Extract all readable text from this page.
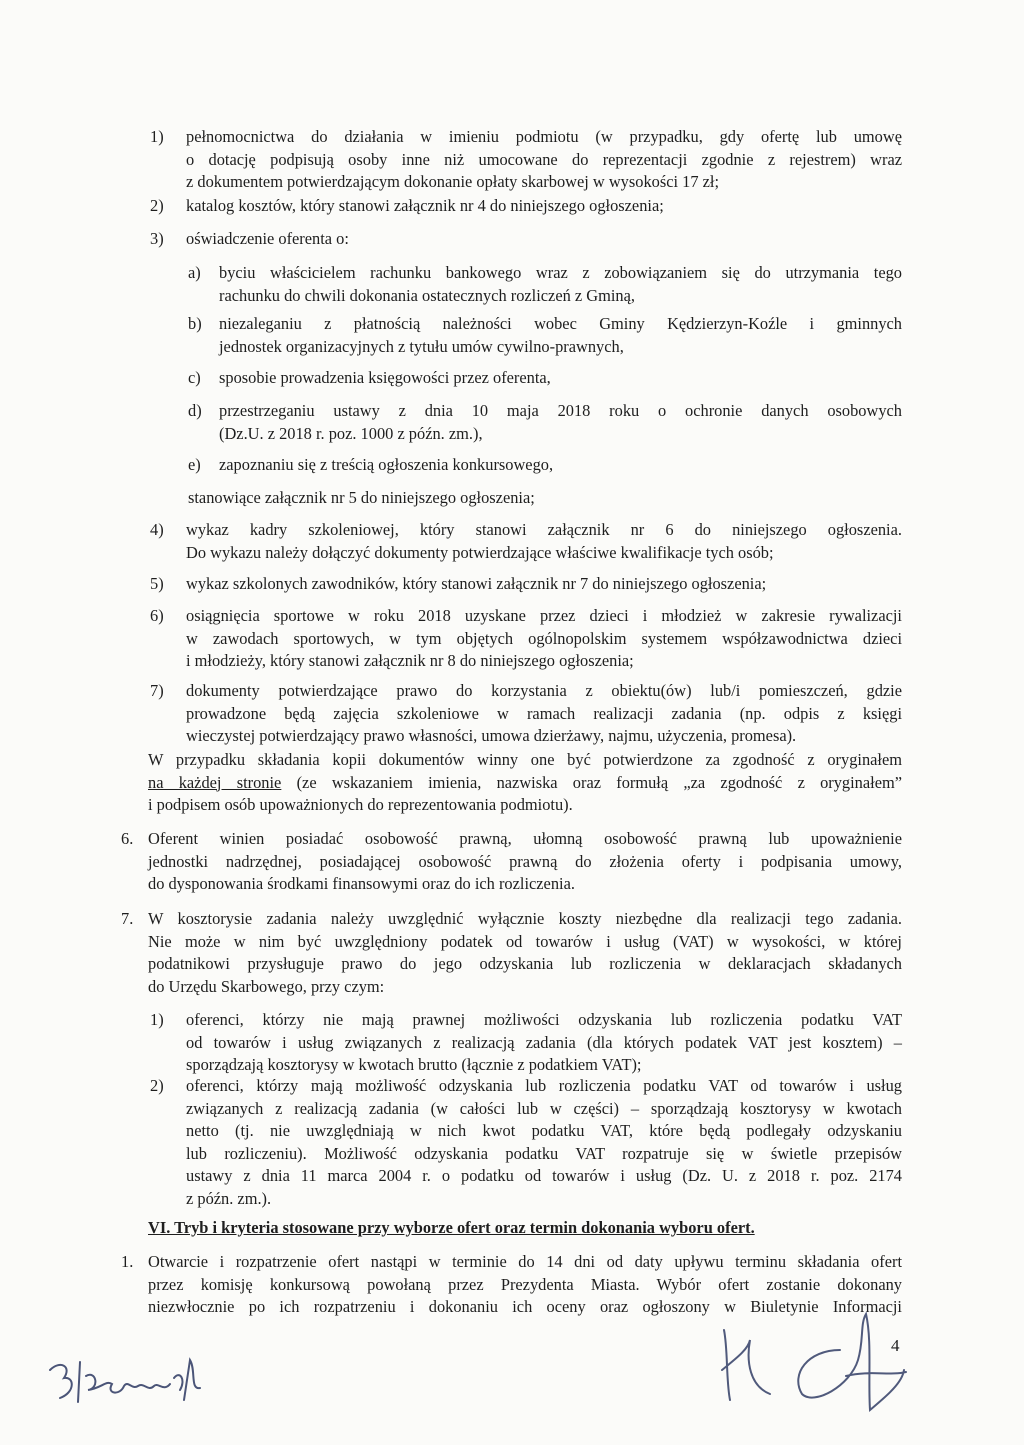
1) pełnomocnictwa do działania w imieniu podmiotu (w przypadku, gdy ofertę lub umowę
o dotację podpisują osoby inne niż umocowane do reprezentacji zgodnie z rejestrem) wraz
z dokumentem potwierdzającym dokonanie opłaty skarbowej w wysokości 17 zł;
2) katalog kosztów, który stanowi załącznik nr 4 do niniejszego ogłoszenia;
3) oświadczenie oferenta o:
a) byciu właścicielem rachunku bankowego wraz z zobowiązaniem się do utrzymania tego
rachunku do chwili dokonania ostatecznych rozliczeń z Gminą,
b) niezaleganiu z płatnością należności wobec Gminy Kędzierzyn-Koźle i gminnych
jednostek organizacyjnych z tytułu umów cywilno-prawnych,
c) sposobie prowadzenia księgowości przez oferenta,
d) przestrzeganiu ustawy z dnia 10 maja 2018 roku o ochronie danych osobowych
(Dz.U. z 2018 r. poz. 1000 z późn. zm.),
e) zapoznaniu się z treścią ogłoszenia konkursowego,
stanowiące załącznik nr 5 do niniejszego ogłoszenia;
4) wykaz kadry szkoleniowej, który stanowi załącznik nr 6 do niniejszego ogłoszenia.
Do wykazu należy dołączyć dokumenty potwierdzające właściwe kwalifikacje tych osób;
5) wykaz szkolonych zawodników, który stanowi załącznik nr 7 do niniejszego ogłoszenia;
6) osiągnięcia sportowe w roku 2018 uzyskane przez dzieci i młodzież w zakresie rywalizacji
w zawodach sportowych, w tym objętych ogólnopolskim systemem współzawodnictwa dzieci
i młodzieży, który stanowi załącznik nr 8 do niniejszego ogłoszenia;
7) dokumenty potwierdzające prawo do korzystania z obiektu(ów) lub/i pomieszczeń, gdzie
prowadzone będą zajęcia szkoleniowe w ramach realizacji zadania (np. odpis z księgi
wieczystej potwierdzający prawo własności, umowa dzierżawy, najmu, użyczenia, promesa).
W przypadku składania kopii dokumentów winny one być potwierdzone za zgodność z oryginałem
na każdej stronie (ze wskazaniem imienia, nazwiska oraz formułą „za zgodność z oryginałem”
i podpisem osób upoważnionych do reprezentowania podmiotu).
6. Oferent winien posiadać osobowość prawną, ułomną osobowość prawną lub upoważnienie
jednostki nadrzędnej, posiadającej osobowość prawną do złożenia oferty i podpisania umowy,
do dysponowania środkami finansowymi oraz do ich rozliczenia.
7. W kosztorysie zadania należy uwzględnić wyłącznie koszty niezbędne dla realizacji tego zadania.
Nie może w nim być uwzględniony podatek od towarów i usług (VAT) w wysokości, w której
podatnikowi przysługuje prawo do jego odzyskania lub rozliczenia w deklaracjach składanych
do Urzędu Skarbowego, przy czym:
1) oferenci, którzy nie mają prawnej możliwości odzyskania lub rozliczenia podatku VAT
od towarów i usług związanych z realizacją zadania (dla których podatek VAT jest kosztem) –
sporządzają kosztorysy w kwotach brutto (łącznie z podatkiem VAT);
2) oferenci, którzy mają możliwość odzyskania lub rozliczenia podatku VAT od towarów i usług
związanych z realizacją zadania (w całości lub w części) – sporządzają kosztorysy w kwotach
netto (tj. nie uwzględniają w nich kwot podatku VAT, które będą podlegały odzyskaniu
lub rozliczeniu). Możliwość odzyskania podatku VAT rozpatruje się w świetle przepisów
ustawy z dnia 11 marca 2004 r. o podatku od towarów i usług (Dz. U. z 2018 r. poz. 2174
z późn. zm.).
VI. Tryb i kryteria stosowane przy wyborze ofert oraz termin dokonania wyboru ofert.
1. Otwarcie i rozpatrzenie ofert nastąpi w terminie do 14 dni od daty upływu terminu składania ofert
przez komisję konkursową powołaną przez Prezydenta Miasta. Wybór ofert zostanie dokonany
niezwłocznie po ich rozpatrzeniu i dokonaniu ich oceny oraz ogłoszony w Biuletynie Informacji
4
